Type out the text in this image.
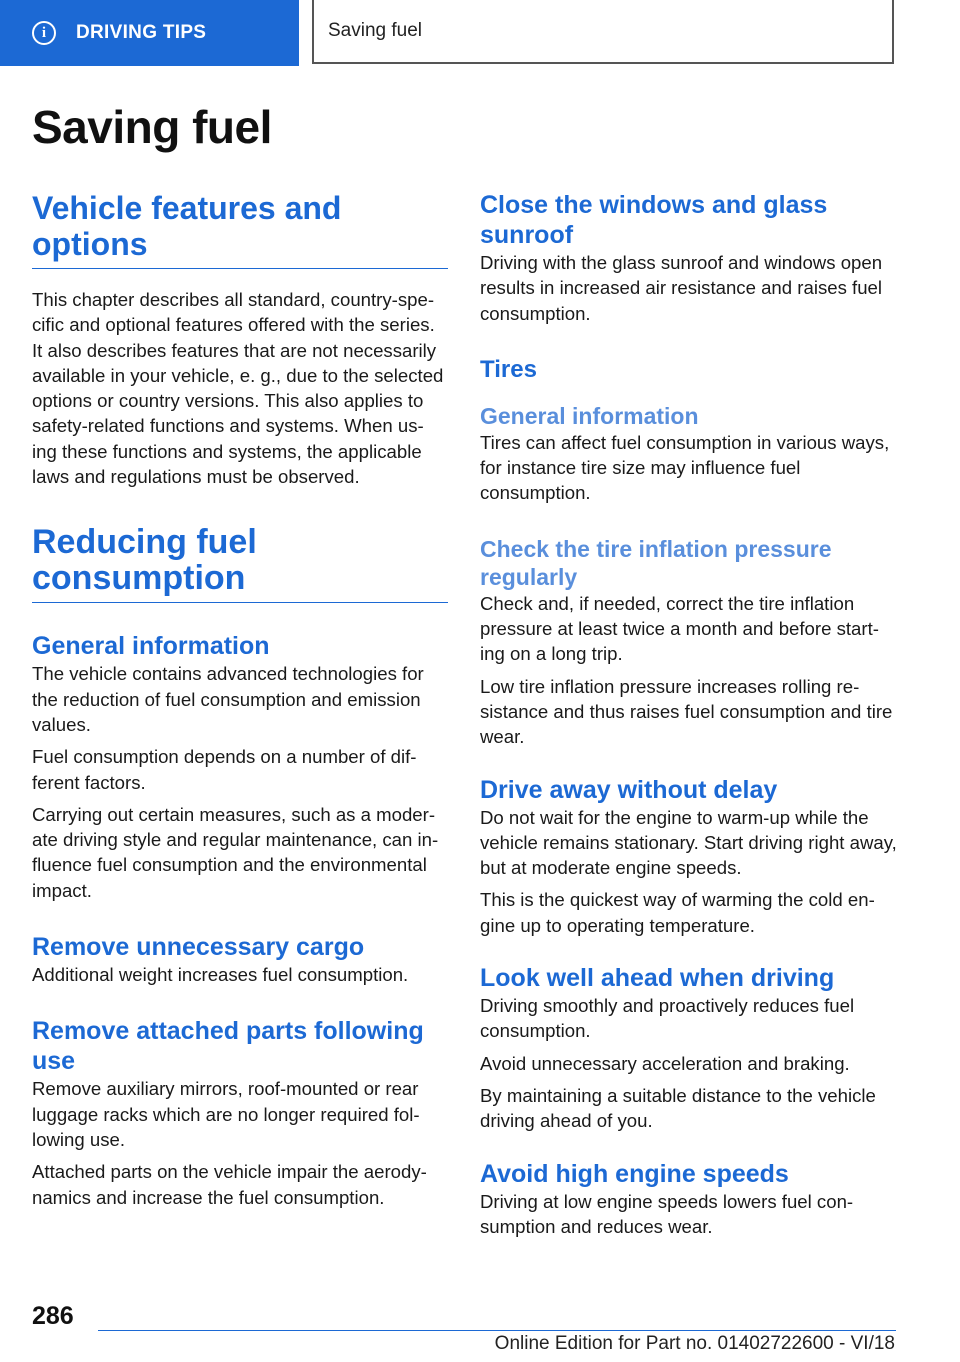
i	DRIVING TIPS	Saving fuel
Saving fuel
Vehicle features and options

This chapter describes all standard, country-spe-cific and optional features offered with the series. It also describes features that are not necessarily available in your vehicle, e. g., due to the selected options or country versions. This also applies to safety-related functions and systems. When us-ing these functions and systems, the applicable laws and regulations must be observed.

Reducing fuel consumption
General information

The vehicle contains advanced technologies for the reduction of fuel consumption and emission values.

Fuel consumption depends on a number of dif-ferent factors.

Carrying out certain measures, such as a moder-ate driving style and regular maintenance, can in-fluence fuel consumption and the environmental impact.

Remove unnecessary cargo

Additional weight increases fuel consumption.

Remove attached parts following use

Remove auxiliary mirrors, roof-mounted or rear luggage racks which are no longer required fol-lowing use.

Attached parts on the vehicle impair the aerody-namics and increase the fuel consumption.

Close the windows and glass sunroof

Driving with the glass sunroof and windows open results in increased air resistance and raises fuel consumption.

Tires
General information

Tires can affect fuel consumption in various ways, for instance tire size may influence fuel consumption.

Check the tire inflation pressure regularly

Check and, if needed, correct the tire inflation pressure at least twice a month and before start-ing on a long trip.

Low tire inflation pressure increases rolling re-sistance and thus raises fuel consumption and tire wear.

Drive away without delay

Do not wait for the engine to warm-up while the vehicle remains stationary. Start driving right away, but at moderate engine speeds.

This is the quickest way of warming the cold en-gine up to operating temperature.

Look well ahead when driving

Driving smoothly and proactively reduces fuel consumption.

Avoid unnecessary acceleration and braking.

By maintaining a suitable distance to the vehicle driving ahead of you.

Avoid high engine speeds

Driving at low engine speeds lowers fuel con-sumption and reduces wear.

286
Online Edition for Part no. 01402722600 - VI/18
